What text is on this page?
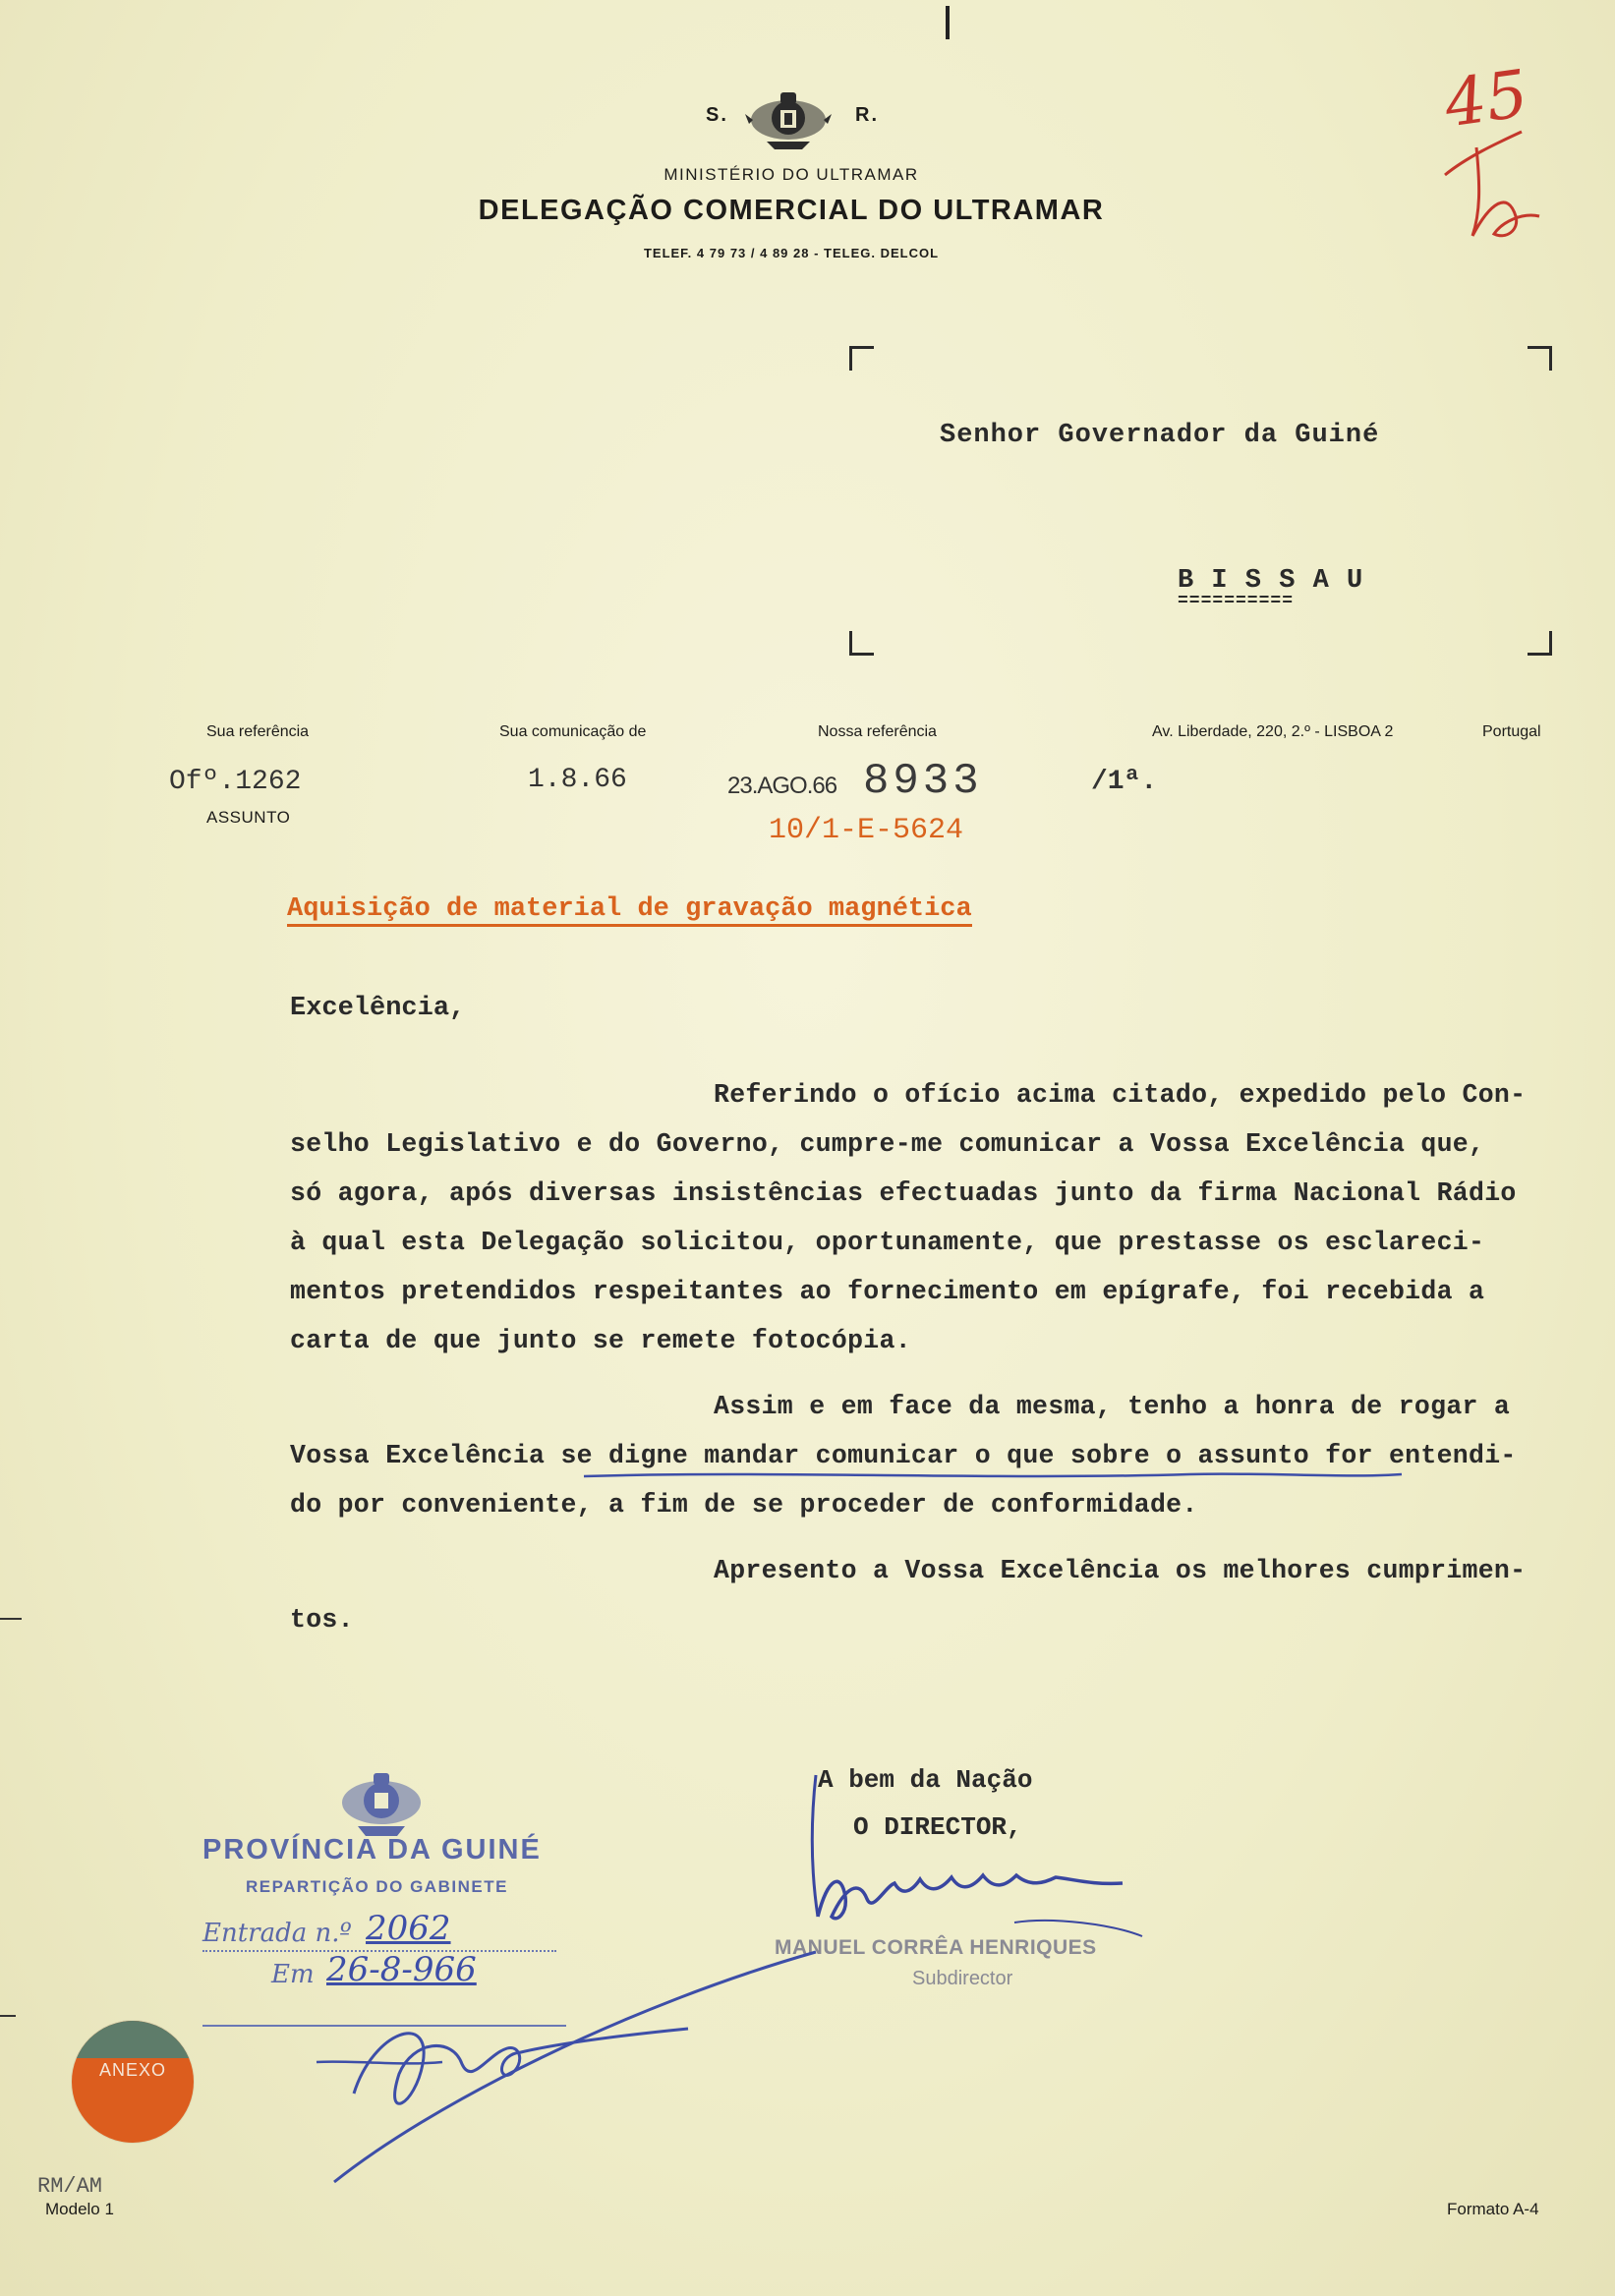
S.	R.
MINISTÉRIO DO ULTRAMAR
DELEGAÇÃO COMERCIAL DO ULTRAMAR
TELEF. 4 79 73 / 4 89 28 - TELEG. DELCOL
45
Senhor Governador da Guiné
B I S S A U
==========
Sua referência	Sua comunicação de	Nossa referência	Av. Liberdade, 220, 2.º - LISBOA 2	Portugal
Ofº.1262
ASSUNTO
1.8.66	23.AGO.66 8933	/1ª.
10/1-E-5624
Aquisição de material de gravação magnética
Excelência,
Referindo o ofício acima citado, expedido pelo Con-
selho Legislativo e do Governo, cumpre-me comunicar a Vossa Excelência que,
só agora, após diversas insistências efectuadas junto da firma Nacional Rádio
à qual esta Delegação solicitou, oportunamente, que prestasse os esclareci-
mentos pretendidos respeitantes ao fornecimento em epígrafe, foi recebida a
carta de que junto se remete fotocópia.
Assim e em face da mesma, tenho a honra de rogar a
Vossa Excelência se digne mandar comunicar o que sobre o assunto for entendi-
do por conveniente, a fim de se proceder de conformidade.
Apresento a Vossa Excelência os melhores cumprimen-
tos.
A bem da Nação
O DIRECTOR,
MANUEL CORRÊA HENRIQUES
Subdirector
PROVÍNCIA DA GUINÉ
REPARTIÇÃO DO GABINETE
Entrada n.º 2062
Em 26-8-966
ANEXO
RM/AM
Modelo 1	Formato A-4
